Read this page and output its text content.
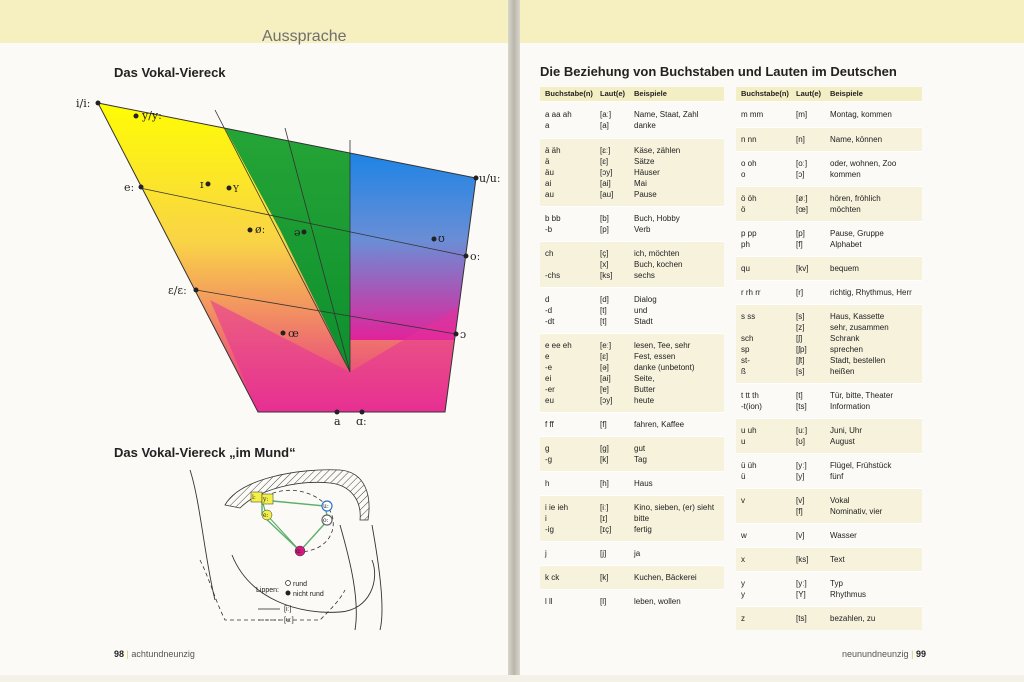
Aussprache
Das Vokal-Viereck
i/iː
y/yː
eː	ɪ	Y
øː	ə	ʊ
u/uː
oː
ɛ/ɛː
œ	ɔ
a ɑː
Das Vokal-Viereck „im Mund“
iː yː
eː
uː
oː
ɑː
Lippen:
rund
nicht rund
[iː]
[uː]
98 | achtundneunzig
Die Beziehung von Buchstaben und Lauten im Deutschen
Buchstabe(n) Laut(e) Beispiele
a aa ah	[aː]	Name, Staat, Zahl
a	[a]	danke
ä äh	[ɛː]	Käse, zählen
ä	[ɛ]	Sätze
äu	[ɔy]	Häuser
ai	[ai]	Mai
au	[au]	Pause
b bb	[b]	Buch, Hobby
-b	[p]	Verb
ch	[ç]	ich, möchten
[x]	Buch, kochen
-chs	[ks]	sechs
d	[d]	Dialog
-d	[t]	und
-dt	[t]	Stadt
e ee eh	[eː]	lesen, Tee, sehr
e	[ɛ]	Fest, essen
-e	[ə]	danke (unbetont)
ei	[ai]	Seite,
-er	[ɐ]	Butter
eu	[ɔy]	heute
f ff	[f]	fahren, Kaffee
g	[g]	gut
-g	[k]	Tag
h	[h]	Haus
i ie ieh	[iː]	Kino, sieben, (er) sieht
i	[ɪ]	bitte
-ig	[ɪç]	fertig
j	[j]	ja
k ck	[k]	Kuchen, Bäckerei
l ll	[l]	leben, wollen
Buchstabe(n) Laut(e) Beispiele
m mm	[m]	Montag, kommen
n nn	[n]	Name, können
o oh	[oː]	oder, wohnen, Zoo
o	[ɔ]	kommen
ö öh	[øː]	hören, fröhlich
ö	[œ]	möchten
p pp	[p]	Pause, Gruppe
ph	[f]	Alphabet
qu	[kv]	bequem
r rh rr	[r]	richtig, Rhythmus, Herr
s ss	[s]	Haus, Kassette
[z]	sehr, zusammen
sch	[ʃ]	Schrank
sp	[ʃp]	sprechen
st-	[ʃt]	Stadt, bestellen
ß	[s]	heißen
t tt th	[t]	Tür, bitte, Theater
-t(ion)	[ts]	Information
u uh	[uː]	Juni, Uhr
u	[ʊ]	August
ü üh	[yː]	Flügel, Frühstück
ü	[y]	fünf
v	[v]	Vokal
[f]	Nominativ, vier
w	[v]	Wasser
x	[ks]	Text
y	[yː]	Typ
y	[Y]	Rhythmus
z	[ts]	bezahlen, zu
neunundneunzig | 99
